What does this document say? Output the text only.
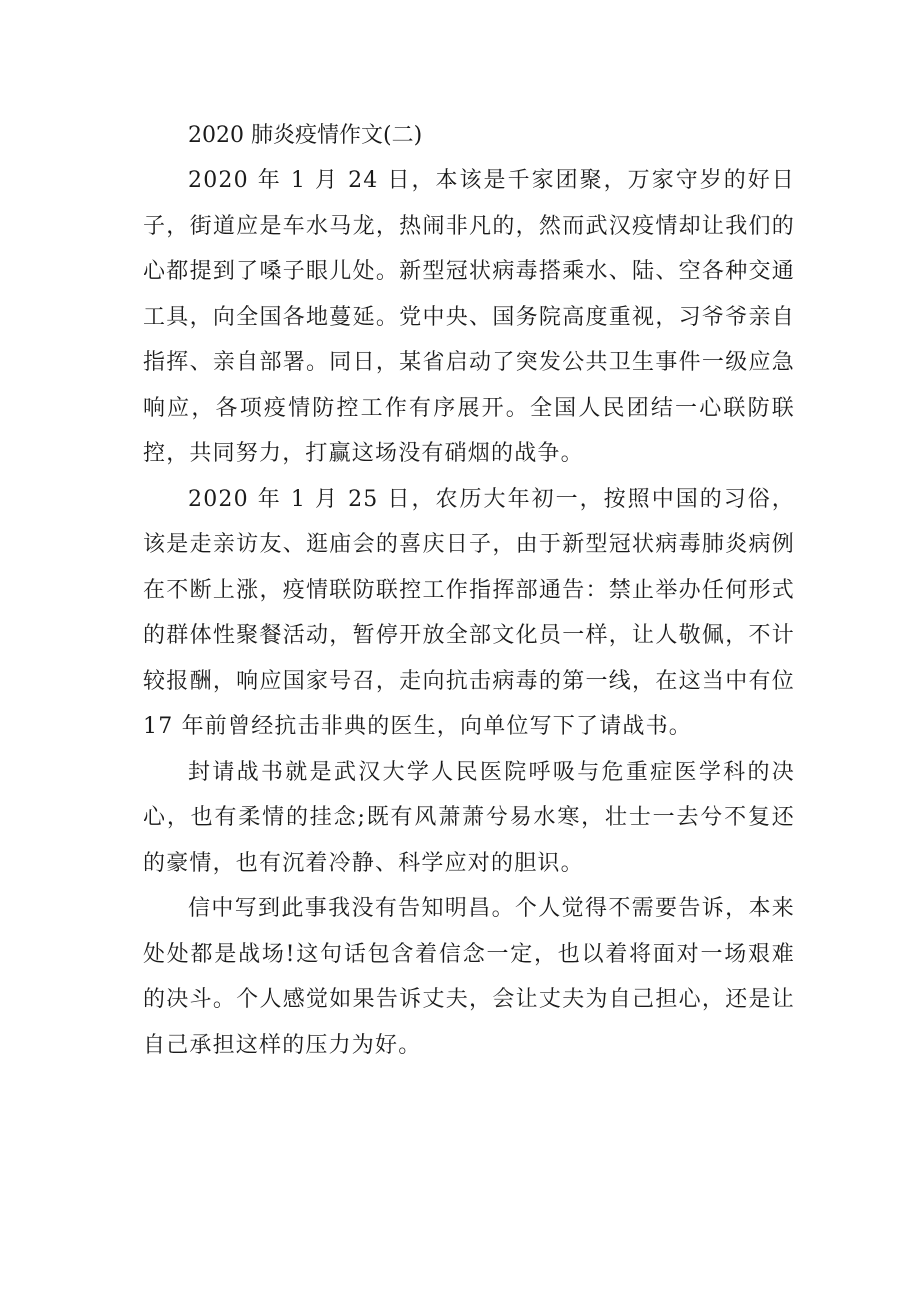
2020 肺炎疫情作文(二)

2020 年 1 月 24 日，本该是千家团聚，万家守岁的好日子，街道应是车水马龙，热闹非凡的，然而武汉疫情却让我们的心都提到了嗓子眼儿处。新型冠状病毒搭乘水、陆、空各种交通工具，向全国各地蔓延。党中央、国务院高度重视，习爷爷亲自指挥、亲自部署。同日，某省启动了突发公共卫生事件一级应急响应，各项疫情防控工作有序展开。全国人民团结一心联防联控，共同努力，打赢这场没有硝烟的战争。

2020 年 1 月 25 日，农历大年初一，按照中国的习俗，该是走亲访友、逛庙会的喜庆日子，由于新型冠状病毒肺炎病例在不断上涨，疫情联防联控工作指挥部通告：禁止举办任何形式的群体性聚餐活动，暂停开放全部文化员一样，让人敬佩，不计较报酬，响应国家号召，走向抗击病毒的第一线，在这当中有位 17 年前曾经抗击非典的医生，向单位写下了请战书。

封请战书就是武汉大学人民医院呼吸与危重症医学科的决心，也有柔情的挂念;既有风萧萧兮易水寒，壮士一去兮不复还的豪情，也有沉着冷静、科学应对的胆识。

信中写到此事我没有告知明昌。个人觉得不需要告诉，本来处处都是战场!这句话包含着信念一定，也以着将面对一场艰难的决斗。个人感觉如果告诉丈夫，会让丈夫为自己担心，还是让自己承担这样的压力为好。
